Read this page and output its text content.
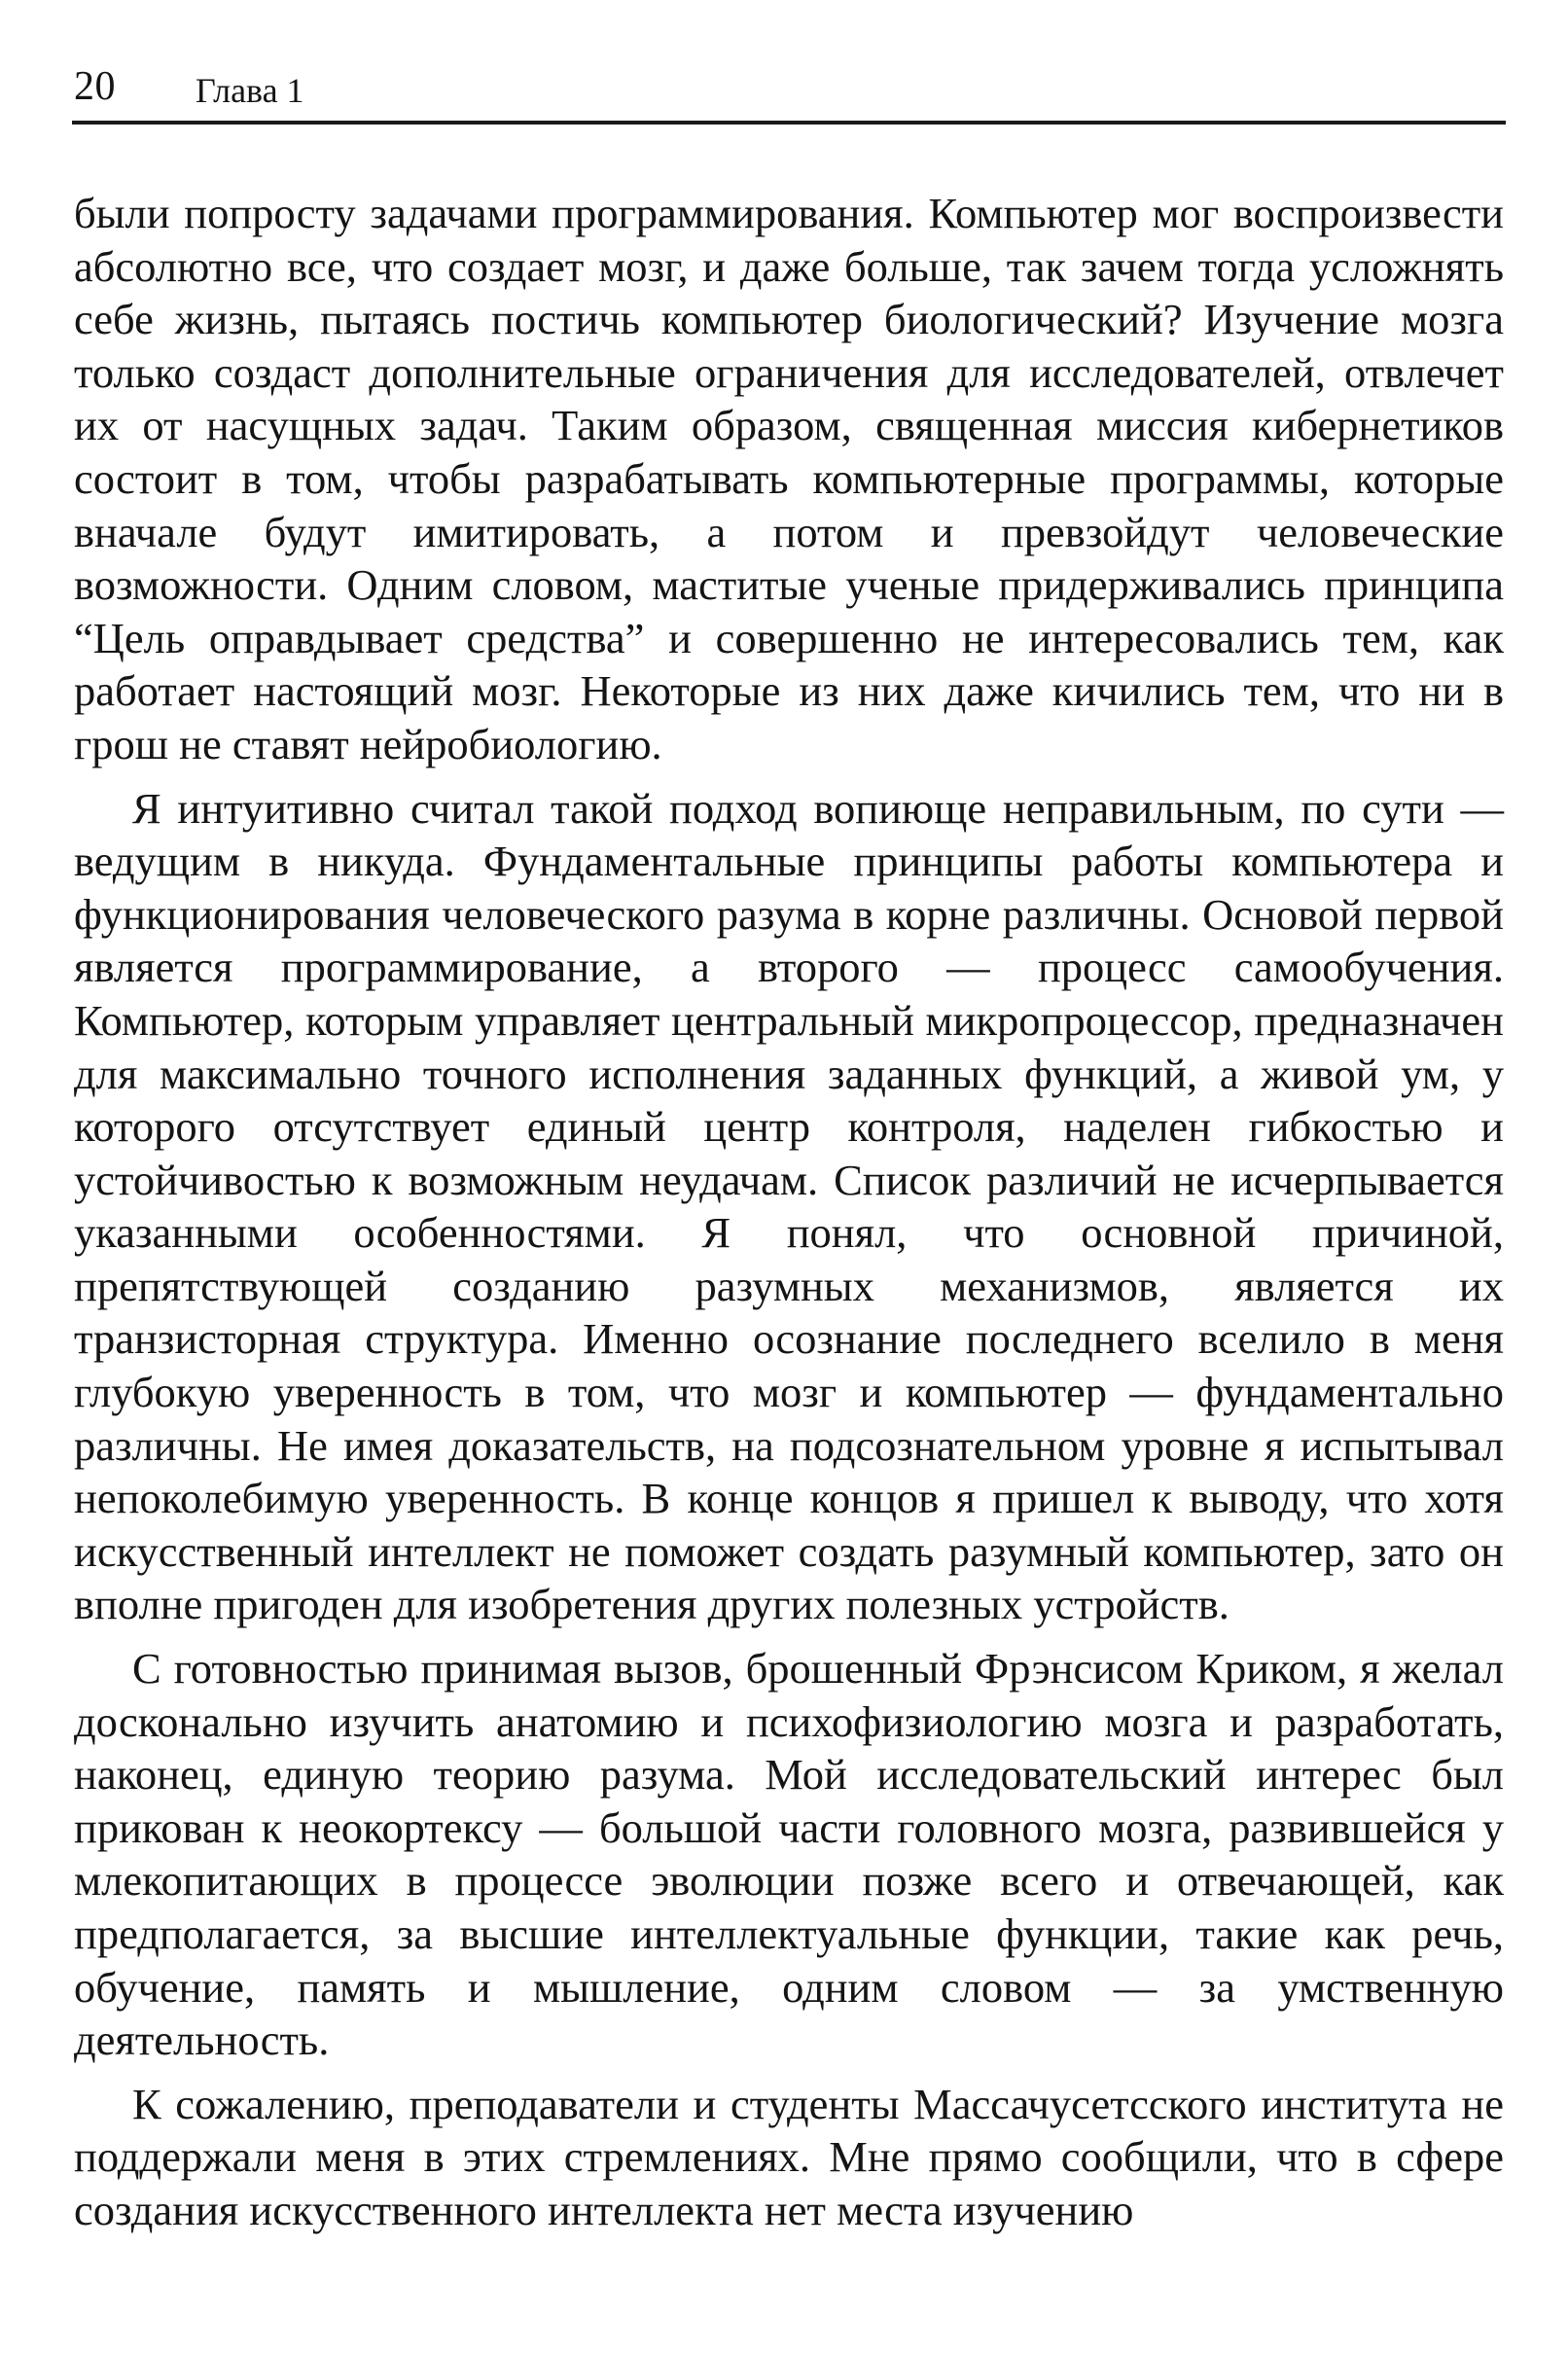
20 Глава 1

были попросту задачами программирования. Компьютер мог воспроизвести абсолютно все, что создает мозг, и даже больше, так зачем тогда усложнять себе жизнь, пытаясь постичь компьютер биологический? Изучение мозга только создаст дополнительные ограничения для исследователей, отвлечет их от насущных задач. Таким образом, священная миссия кибернетиков состоит в том, чтобы разрабатывать компьютерные программы, которые вначале будут имитировать, а потом и превзойдут человеческие возможности. Одним словом, маститые ученые придерживались принципа “Цель оправдывает средства” и совершенно не интересовались тем, как работает настоящий мозг. Некоторые из них даже кичились тем, что ни в грош не ставят нейробиологию.

Я интуитивно считал такой подход вопиюще неправильным, по сути — ведущим в никуда. Фундаментальные принципы работы компьютера и функционирования человеческого разума в корне различны. Основой первой является программирование, а второго — процесс самообучения. Компьютер, которым управляет центральный микропроцессор, предназначен для максимально точного исполнения заданных функций, а живой ум, у которого отсутствует единый центр контроля, наделен гибкостью и устойчивостью к возможным неудачам. Список различий не исчерпывается указанными особенностями. Я понял, что основной причиной, препятствующей созданию разумных механизмов, является их транзисторная структура. Именно осознание последнего вселило в меня глубокую уверенность в том, что мозг и компьютер — фундаментально различны. Не имея доказательств, на подсознательном уровне я испытывал непоколебимую уверенность. В конце концов я пришел к выводу, что хотя искусственный интеллект не поможет создать разумный компьютер, зато он вполне пригоден для изобретения других полезных устройств.

С готовностью принимая вызов, брошенный Фрэнсисом Криком, я желал досконально изучить анатомию и психофизиологию мозга и разработать, наконец, единую теорию разума. Мой исследовательский интерес был прикован к неокортексу — большой части головного мозга, развившейся у млекопитающих в процессе эволюции позже всего и отвечающей, как предполагается, за высшие интеллектуальные функции, такие как речь, обучение, память и мышление, одним словом — за умственную деятельность.

К сожалению, преподаватели и студенты Массачусетсского института не поддержали меня в этих стремлениях. Мне прямо сообщили, что в сфере создания искусственного интеллекта нет места изучению
